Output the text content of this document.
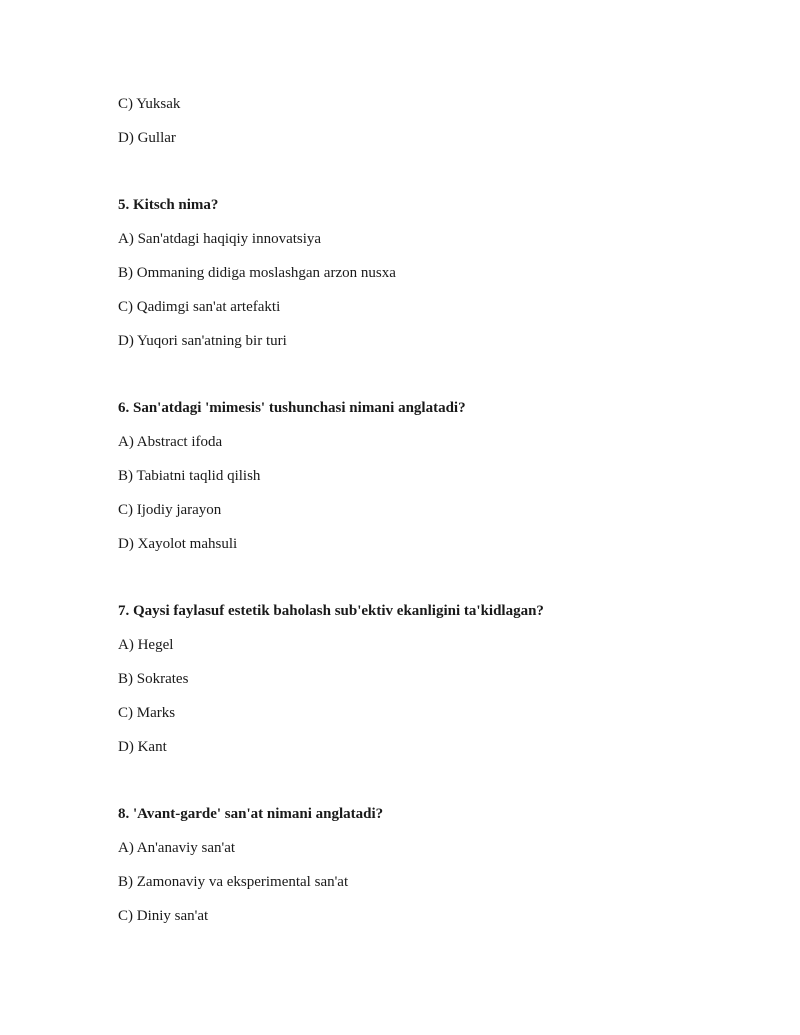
C) Yuksak
D) Gullar
5. Kitsch nima?
A) San'atdagi haqiqiy innovatsiya
B) Ommaning didiga moslashgan arzon nusxa
C) Qadimgi san'at artefakti
D) Yuqori san'atning bir turi
6. San'atdagi 'mimesis' tushunchasi nimani anglatadi?
A) Abstract ifoda
B) Tabiatni taqlid qilish
C) Ijodiy jarayon
D) Xayolot mahsuli
7. Qaysi faylasuf estetik baholash sub'ektiv ekanligini ta'kidlagan?
A) Hegel
B) Sokrates
C) Marks
D) Kant
8. 'Avant-garde' san'at nimani anglatadi?
A) An'anaviy san'at
B) Zamonaviy va eksperimental san'at
C) Diniy san'at
